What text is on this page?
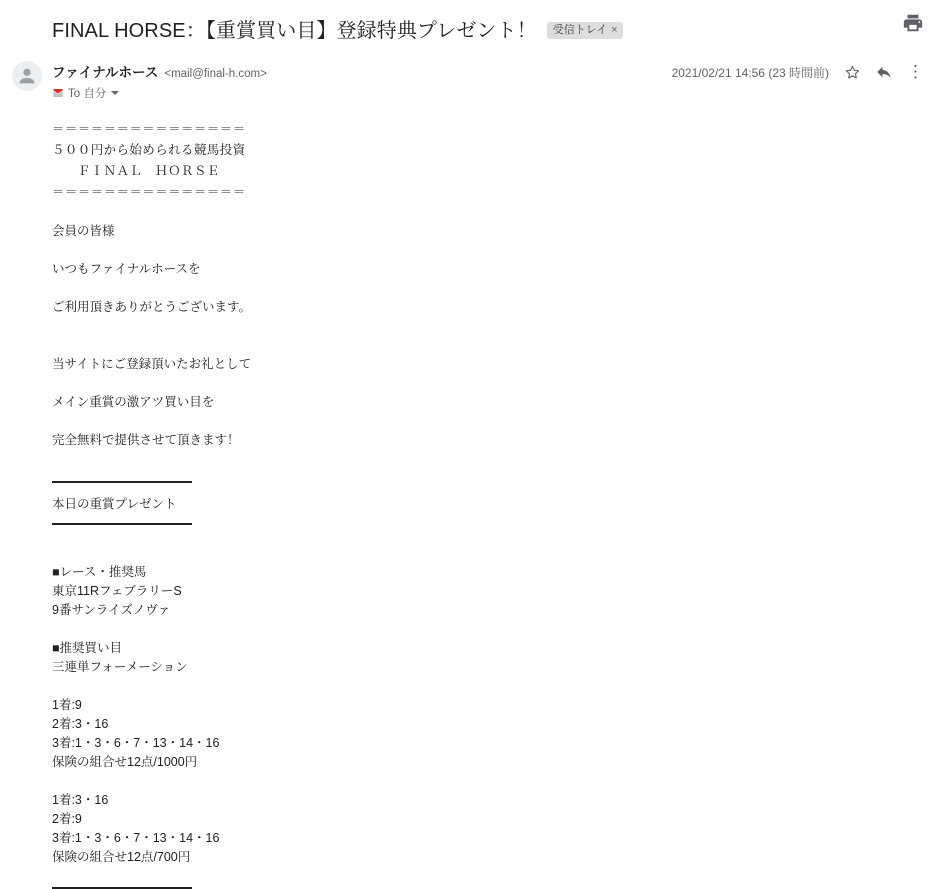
FINAL HORSE：【重賞買い目】登録特典プレゼント！ 受信トレイ ×
ファイナルホース <mail@final-h.com>
To 自分
2021/02/21 14:56 (23 時間前)	⋮
＝＝＝＝＝＝＝＝＝＝＝＝＝＝＝
５００円から始められる競馬投資
　　ＦＩＮＡＬ　ＨＯＲＳＥ
＝＝＝＝＝＝＝＝＝＝＝＝＝＝＝

会員の皆様

いつもファイナルホースを

ご利用頂きありがとうございます。

当サイトにご登録頂いたお礼として

メイン重賞の激アツ買い目を

完全無料で提供させて頂きます！

本日の重賞プレゼント
■レース・推奨馬
東京11RフェブラリーS
9番サンライズノヴァ
■推奨買い目
三連単フォーメーション
1着:9
2着:3・16
3着:1・3・6・7・13・14・16
保険の組合せ12点/1000円
1着:3・16
2着:9
3着:1・3・6・7・13・14・16
保険の組合せ12点/700円
